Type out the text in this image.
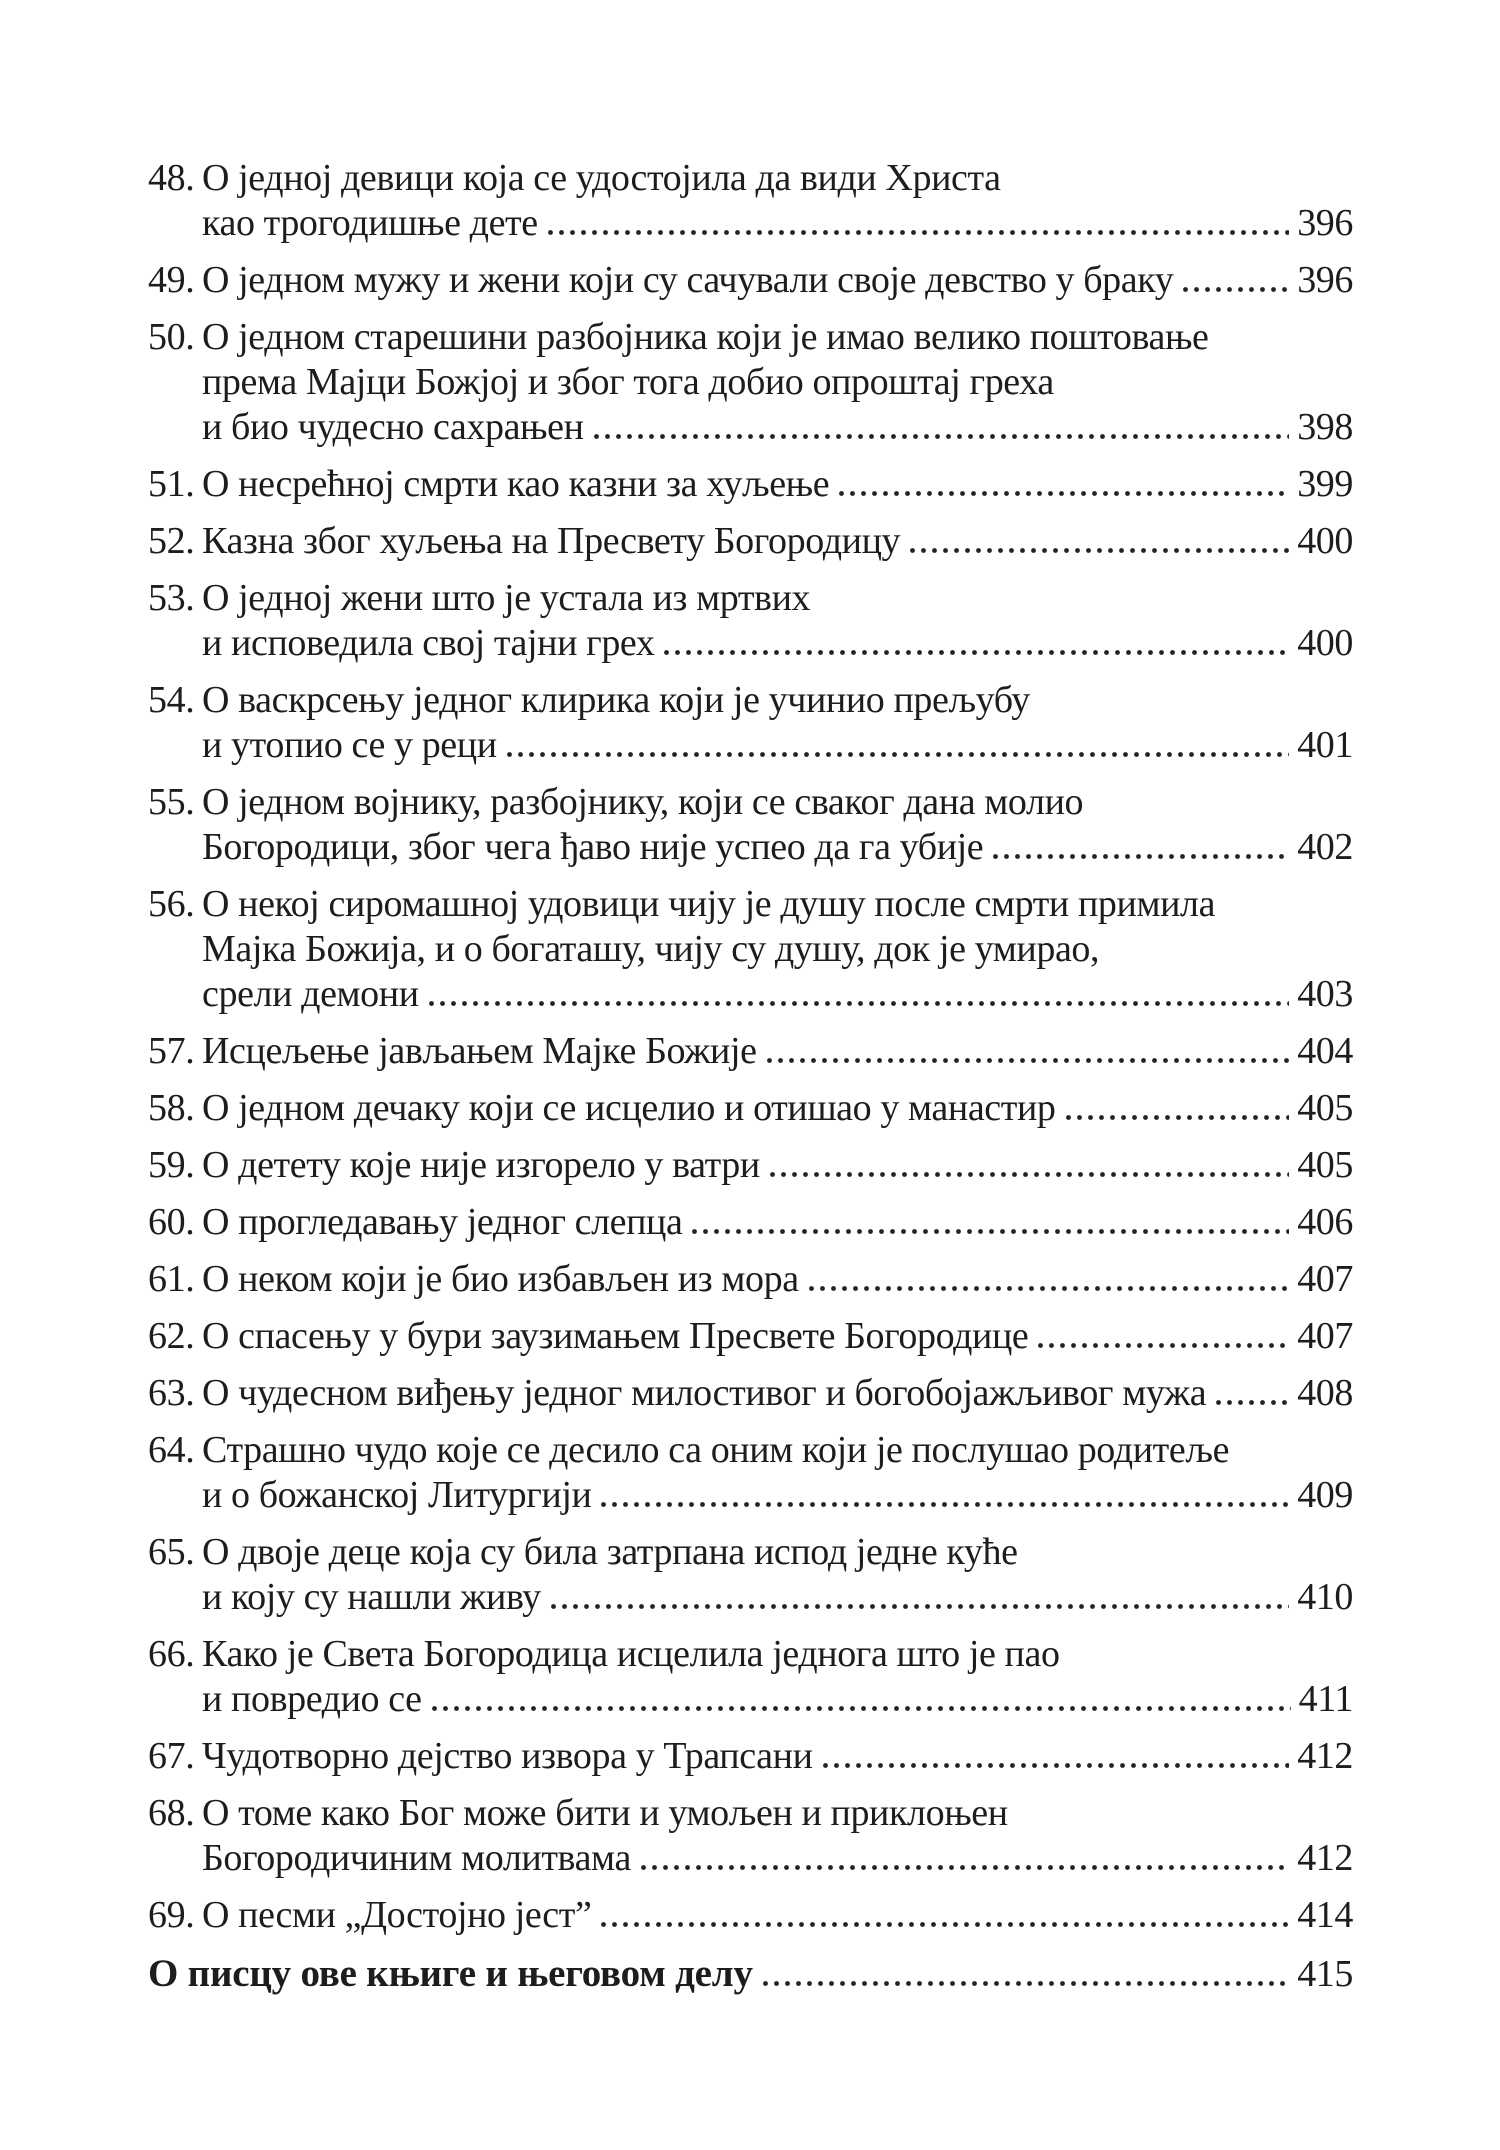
48. О једној девици која се удостојила да види Христа
као трогодишње дете	396
49. О једном мужу и жени који су сачували своје девство у браку	396
50. О једном старешини разбојника који је имао велико поштовање
према Мајци Божјој и због тога добио опроштај греха
и био чудесно сахрањен	398
51. О несрећној смрти као казни за хуљење	399
52. Казна због хуљења на Пресвету Богородицу	400
53. О једној жени што је устала из мртвих
и исповедила свој тајни грех	400
54. О васкрсењу једног клирика који је учинио прељубу
и утопио се у реци	401
55. О једном војнику, разбојнику, који се сваког дана молио
Богородици, због чега ђаво није успео да га убије	402
56. О некој сиромашној удовици чију је душу после смрти примила
Мајка Божија, и о богаташу, чију су душу, док је умирао,
срели демони	403
57. Исцељење јављањем Мајке Божије	404
58. О једном дечаку који се исцелио и отишао у манастир	405
59. О детету које није изгорело у ватри	405
60. О прогледавању једног слепца	406
61. О неком који је био избављен из мора	407
62. О спасењу у бури заузимањем Пресвете Богородице	407
63. О чудесном виђењу једног милостивог и богобојажљивог мужа 408
64. Страшно чудо које се десило са оним који је послушао родитеље
и о божанској Литургији	409
65. О двоје деце која су била затрпана испод једне куће
и коју су нашли живу	410
66. Како је Света Богородица исцелила једнога што је пао
и повредио се	411
67. Чудотворно дејство извора у Трапсани	412
68. О томе како Бог може бити и умољен и приклоњен
Богородичиним молитвама	412
69. О песми „Достојно јест”	414
О писцу ове књиге и његовом делу	415
